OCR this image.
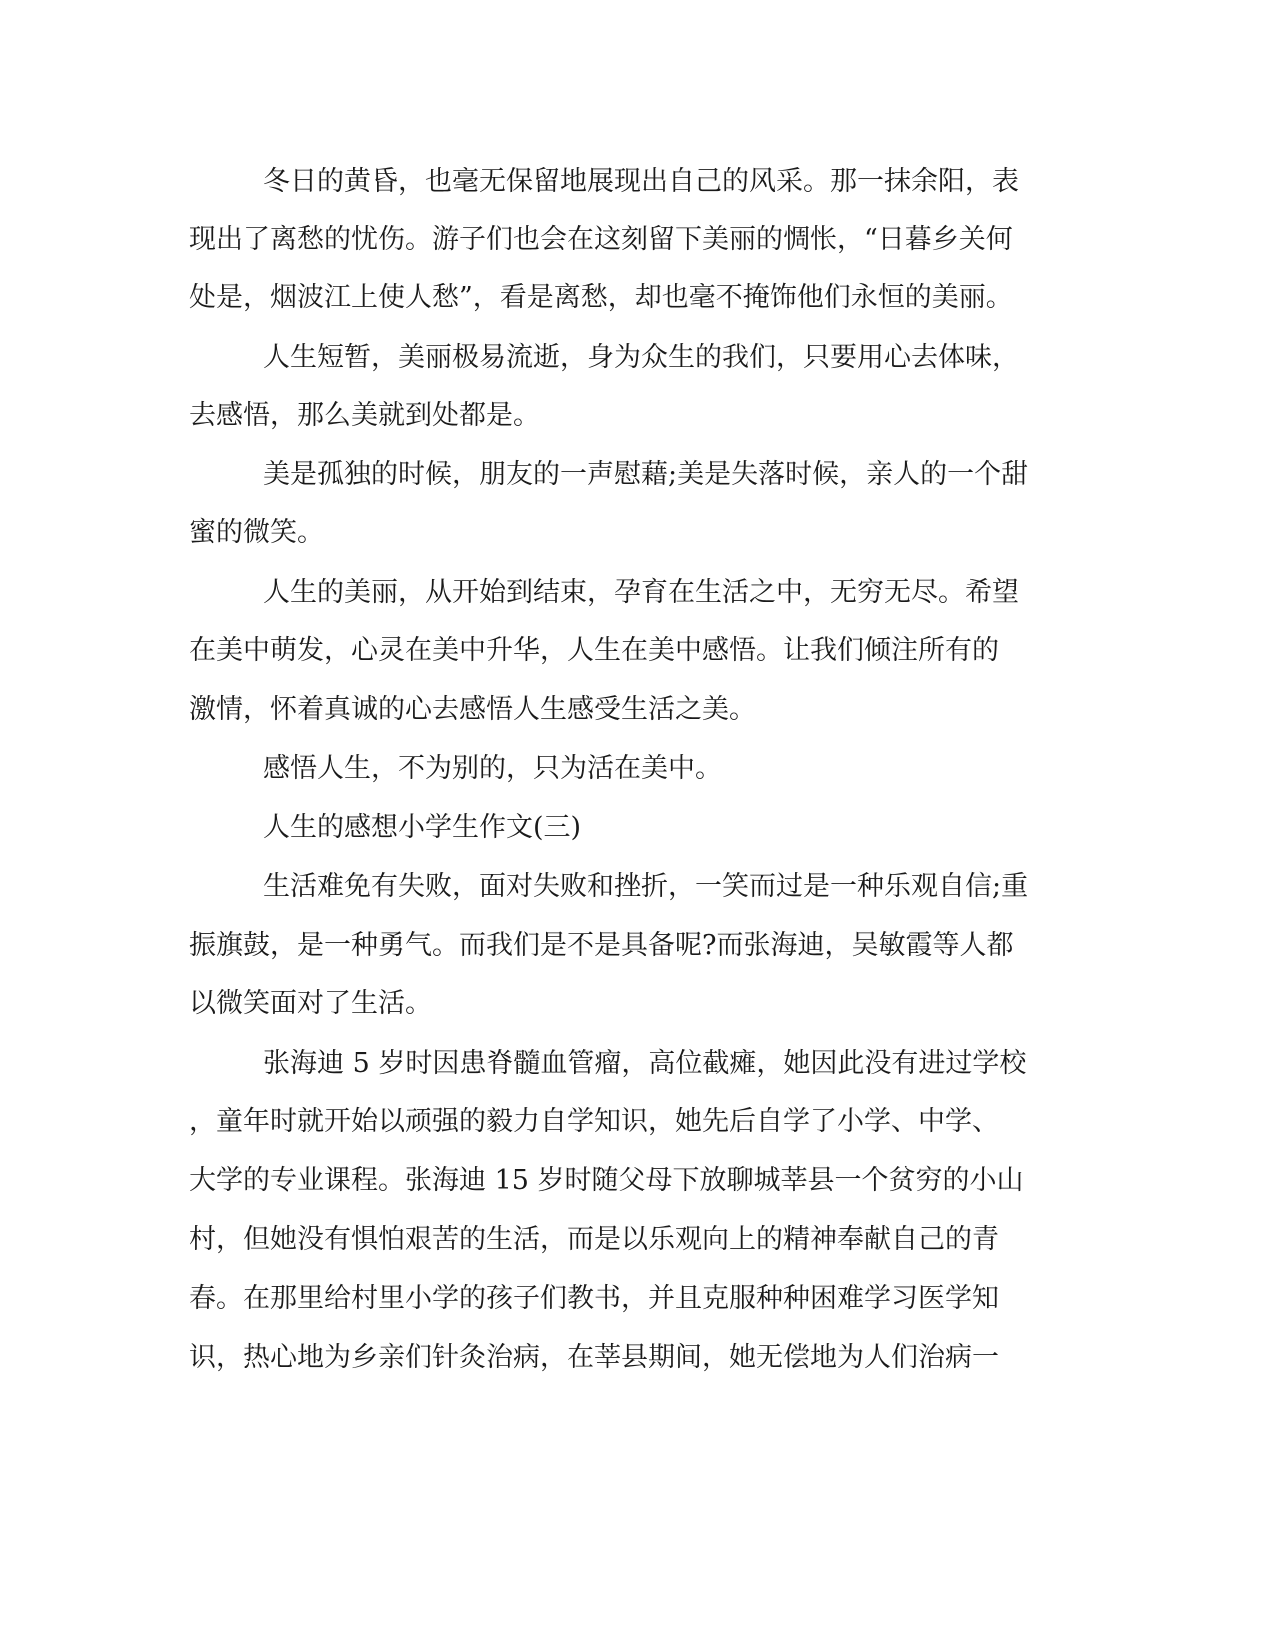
冬日的黄昏，也毫无保留地展现出自己的风采。那一抹余阳，表

现出了离愁的忧伤。游子们也会在这刻留下美丽的惆怅，“日暮乡关何

处是，烟波江上使人愁”，看是离愁，却也毫不掩饰他们永恒的美丽。

人生短暂，美丽极易流逝，身为众生的我们，只要用心去体味，

去感悟，那么美就到处都是。

美是孤独的时候，朋友的一声慰藉;美是失落时候，亲人的一个甜

蜜的微笑。

人生的美丽，从开始到结束，孕育在生活之中，无穷无尽。希望

在美中萌发，心灵在美中升华，人生在美中感悟。让我们倾注所有的

激情，怀着真诚的心去感悟人生感受生活之美。

感悟人生，不为别的，只为活在美中。

人生的感想小学生作文(三)

生活难免有失败，面对失败和挫折，一笑而过是一种乐观自信;重

振旗鼓，是一种勇气。而我们是不是具备呢?而张海迪，吴敏霞等人都

以微笑面对了生活。

张海迪 5 岁时因患脊髓血管瘤，高位截瘫，她因此没有进过学校

，童年时就开始以顽强的毅力自学知识，她先后自学了小学、中学、

大学的专业课程。张海迪 15 岁时随父母下放聊城莘县一个贫穷的小山

村，但她没有惧怕艰苦的生活，而是以乐观向上的精神奉献自己的青

春。在那里给村里小学的孩子们教书，并且克服种种困难学习医学知

识，热心地为乡亲们针灸治病，在莘县期间，她无偿地为人们治病一
